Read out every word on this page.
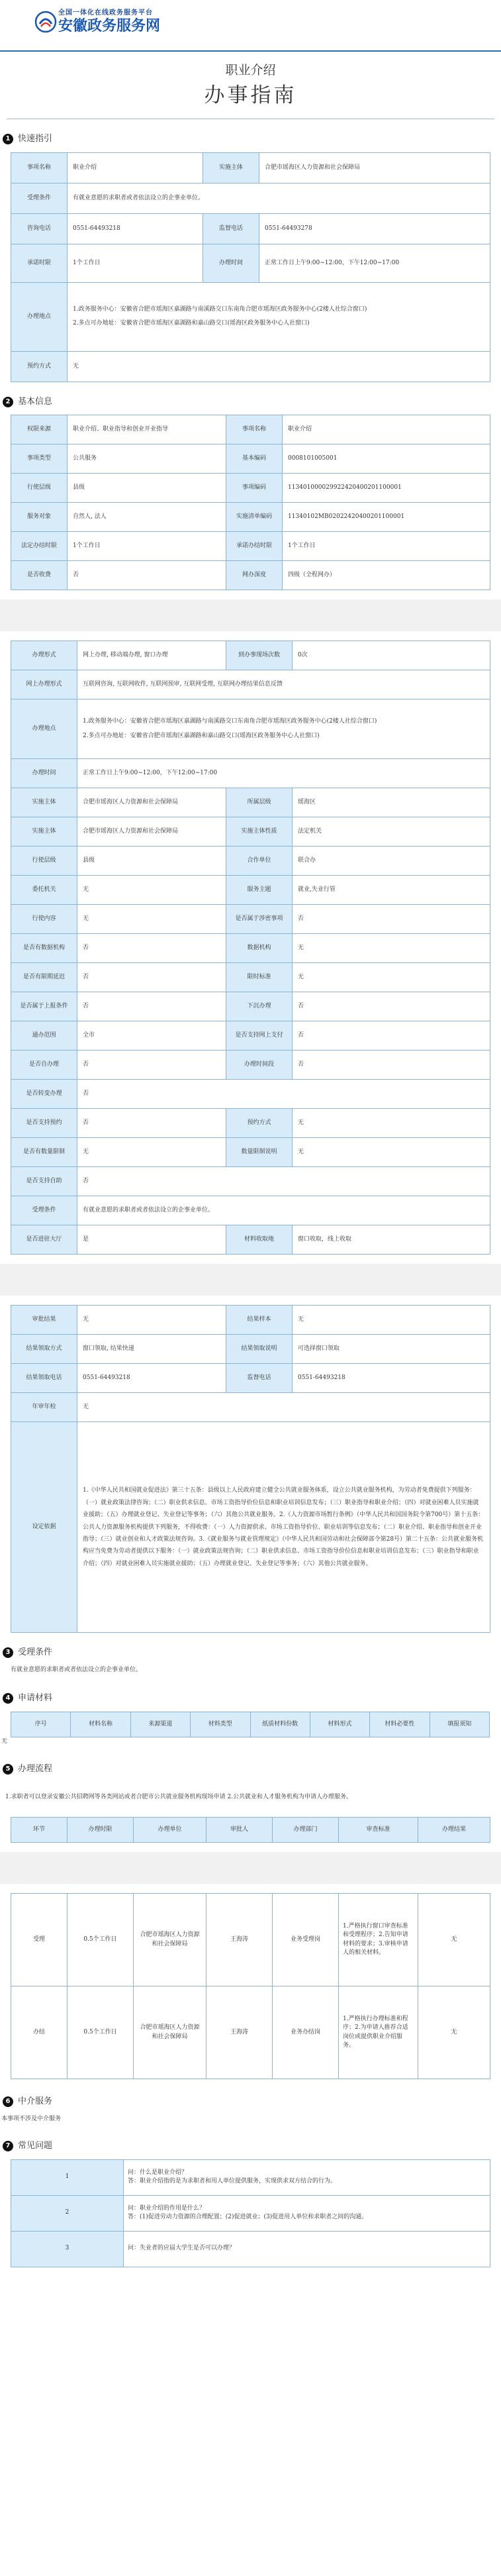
全国一体化在线政务服务平台
安徽政务服务网
职业介绍
办事指南
1 快速指引
事项名称	职业介绍	实施主体	合肥市瑶海区人力资源和社会保障局
受理条件	有就业意愿的求职者或者依法设立的企事业单位。		
咨询电话	0551-64493218	监督电话	0551-64493278
承诺时限	1个工作日	办理时间	正常工作日上午9:00~12:00，下午12:00~17:00
办理地点	1.政务服务中心：安徽省合肥市瑶海区嘉湖路与南溪路交口东南角合肥市瑶海区政务服务中心(2楼人社综合窗口)
2.多点可办地址：安徽省合肥市瑶海区嘉湖路和嘉山路交口(瑶海区政务服务中心人社窗口)		

预约方式	无		
2 基本信息
权限来源	职业介绍、职业指导和创业开业指导	事项名称	职业介绍
事项类型	公共服务	基本编码	0008101005001
行使层级	县级	事项编码	113401000029922420400201100001
服务对象	自然人, 法人	实施清单编码	11340102MB02022420400201100001
法定办结时限	1个工作日	承诺办结时限	1个工作日
是否收费	否	网办深度	四级（全程网办）
办理形式	网上办理, 移动端办理, 窗口办理	到办事现场次数	0次
网上办理形式	互联网咨询, 互联网收件, 互联网预审, 互联网受理, 互联网办理结果信息反馈		
办理地点	1.政务服务中心：安徽省合肥市瑶海区嘉湖路与南溪路交口东南角合肥市瑶海区政务服务中心(2楼人社综合窗口)
2.多点可办地址：安徽省合肥市瑶海区嘉湖路和嘉山路交口(瑶海区政务服务中心人社窗口)		

办理时间	正常工作日上午9:00~12:00，下午12:00~17:00		
实施主体	合肥市瑶海区人力资源和社会保障局	所属层级	瑶海区
实施主体	合肥市瑶海区人力资源和社会保障局	实施主体性质	法定机关
行使层级	县级	合作单位	联合办
委托机关	无	服务主题	就业,失业行管
行使内容	无	是否属于涉密事项	否
是否有数据机构	否	数据机构	无
是否有限期延迟	否	限时标准	无
是否属于上报条件	否	下沉办理	否
通办范围	全市	是否支持网上支付	否
是否自办理	否	办理时间段	否
是否转变办理	否		
是否支持预约	否	预约方式	无
是否有数量限制	无	数量限制说明	无
是否支持自助	否		
受理条件	有就业意愿的求职者或者依法设立的企事业单位。		
是否进驻大厅	是	材料收取地	窗口收取，线上收取
审批结果	无	结果样本	无
结果领取方式	窗口领取, 结果快递	结果领取说明	可选择窗口领取
结果领取电话	0551-64493218	监督电话	0551-64493218
年审年检	无		
设定依据	1.《中华人民共和国就业促进法》第三十五条：县级以上人民政府建立健全公共就业服务体系，设立公共就业服务机构，为劳动者免费提供下列服务：（一）就业政策法律咨询；（二）职业供求信息、市场工资指导价位信息和职业培训信息发布；（三）职业指导和职业介绍；（四）对就业困难人员实施就业援助；（五）办理就业登记、失业登记等事务；（六）其他公共就业服务。2.《人力资源市场暂行条例》（中华人民共和国国务院令第700号）第十五条：公共人力资源服务机构提供下列服务，不得收费：（一）人力资源供求、市场工资指导价位、职业培训等信息发布；（二）职业介绍、职业指导和创业开业指导；（三）就业创业和人才政策法规咨询。3.《就业服务与就业管理规定》（中华人民共和国劳动和社会保障部令第28号）第二十五条：公共就业服务机构应当免费为劳动者提供以下服务：（一）就业政策法规咨询；（二）职业供求信息、市场工资指导价位信息和职业培训信息发布；（三）职业指导和职业介绍；（四）对就业困难人员实施就业援助；（五）办理就业登记、失业登记等事务；（六）其他公共就业服务。		
3 受理条件
有就业意愿的求职者或者依法设立的企事业单位。
4 申请材料
序号	材料名称	来源渠道	材料类型	纸质材料份数	材料形式	材料必要性	填报须知
无
5 办理流程
1.求职者可以登录安徽公共招聘网等各类网站或者合肥市公共就业服务机构现场申请 2.公共就业和人才服务机构为申请人办理服务。
环节	办理时限	办理单位	审批人	办理部门	审查标准	办理结果
受理	0.5个工作日	合肥市瑶海区人力资源和社会保障局	王海涛	业务受理岗	1.严格执行窗口审查标准和受理程序；2.告知申请材料的要求；3.审核申请人的相关材料。	无
办结	0.5个工作日	合肥市瑶海区人力资源和社会保障局	王海涛	业务办结岗	1.严格执行办理标准和程序；2.为申请人推荐合适岗位或提供职业介绍服务。	无
6 中介服务
本事项不涉及中介服务
7 常见问题
1	问：什么是职业介绍？
答：职业介绍指的是为求职者和用人单位提供服务，实现供求双方结合的行为。

2	问：职业介绍的作用是什么？
答：(1)促进劳动力资源的合理配置；(2)促进就业；(3)促进用人单位和求职者之间的沟通。

3	问：失业者的应届大学生是否可以办理？
